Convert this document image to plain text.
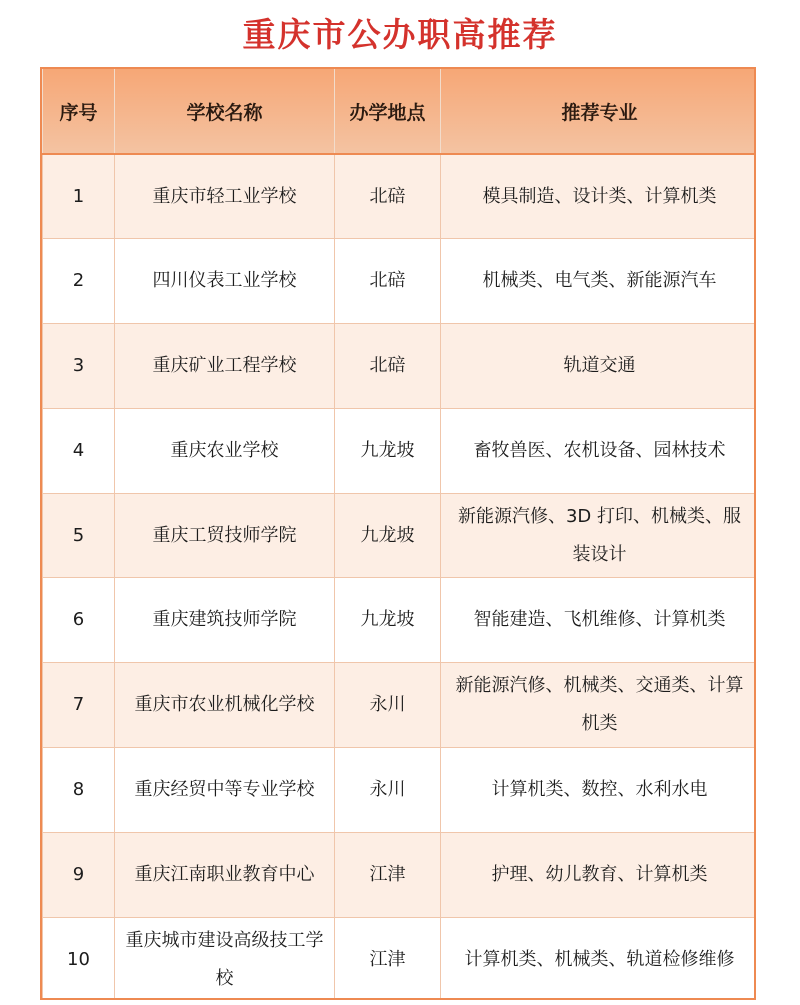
重庆市公办职高推荐
序号	学校名称	办学地点	推荐专业
1	重庆市轻工业学校	北碚	模具制造、设计类、计算机类
2	四川仪表工业学校	北碚	机械类、电气类、新能源汽车
3	重庆矿业工程学校	北碚	轨道交通
4	重庆农业学校	九龙坡	畜牧兽医、农机设备、园林技术
5	重庆工贸技师学院	九龙坡	新能源汽修、3D 打印、机械类、服装设计
6	重庆建筑技师学院	九龙坡	智能建造、飞机维修、计算机类
7	重庆市农业机械化学校	永川	新能源汽修、机械类、交通类、计算机类
8	重庆经贸中等专业学校	永川	计算机类、数控、水利水电
9	重庆江南职业教育中心	江津	护理、幼儿教育、计算机类
10	重庆城市建设高级技工学校	江津	计算机类、机械类、轨道检修维修
